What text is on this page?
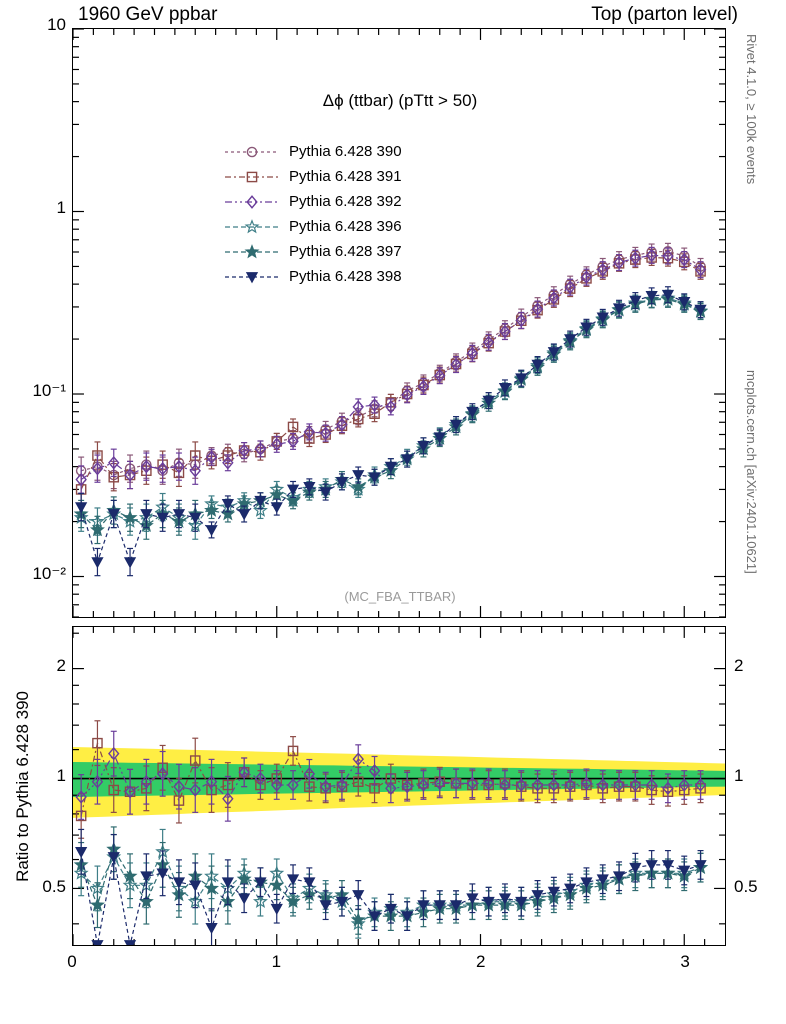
1960 GeV ppbar	Top (parton level)
Rivet 4.1.0, ≥ 100k events
mcplots.cern.ch [arXiv:2401.10621]
Δϕ (ttbar) (pTtt > 50)
(MC_FBA_TTBAR)
Pythia 6.428 390
Pythia 6.428 391
Pythia 6.428 392
Pythia 6.428 396
Pythia 6.428 397
Pythia 6.428 398
Ratio to Pythia 6.428 390
10⁻²
10⁻¹
1
10
0.5	0.5
1	1
2	2
0	1	2	3
